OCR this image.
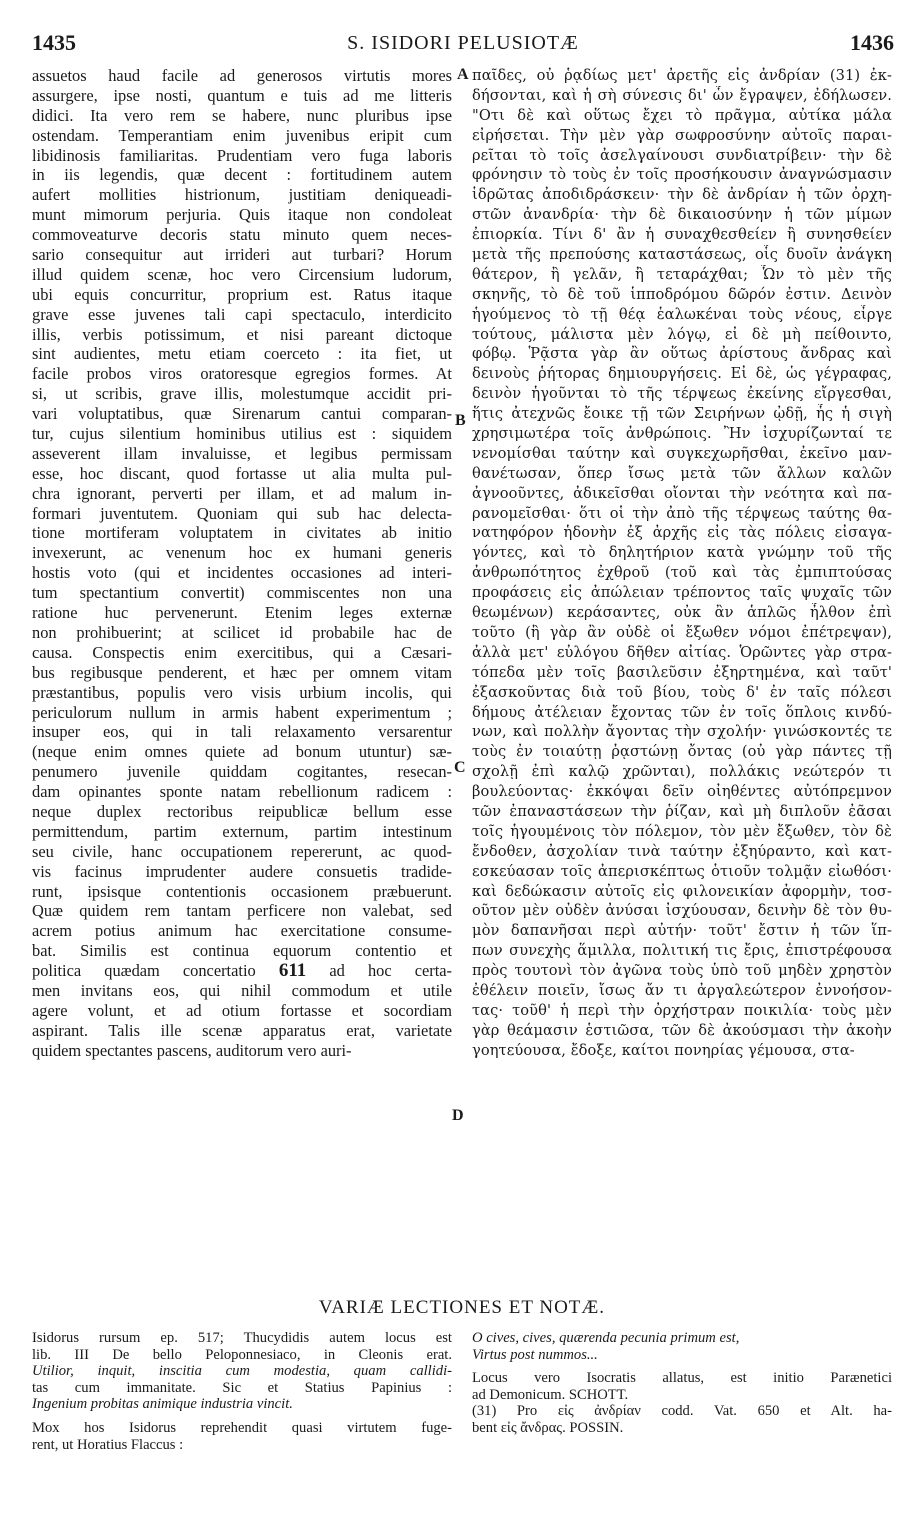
1435	S. ISIDORI PELUSIOTÆ	1436
assuetos haud facile ad generosos virtutis mores
assurgere, ipse nosti, quantum e tuis ad me litteris
didici. Ita vero rem se habere, nunc pluribus ipse
ostendam. Temperantiam enim juvenibus eripit cum
libidinosis familiaritas. Prudentiam vero fuga laboris
in iis legendis, quæ decent : fortitudinem autem
aufert mollities histrionum, justitiam deniqueadi-
munt mimorum perjuria. Quis itaque non condoleat
commoveaturve decoris statu minuto quem neces-
sario consequitur aut irrideri aut turbari? Horum
illud quidem scenæ, hoc vero Circensium ludorum,
ubi equis concurritur, proprium est. Ratus itaque
grave esse juvenes tali capi spectaculo, interdicito
illis, verbis potissimum, et nisi pareant dictoque
sint audientes, metu etiam coerceto : ita fiet, ut
facile probos viros oratoresque egregios formes. At
si, ut scribis, grave illis, molestumque accidit pri-
vari voluptatibus, quæ Sirenarum cantui comparan-
tur, cujus silentium hominibus utilius est : siquidem
asseverent illam invaluisse, et legibus permissam
esse, hoc discant, quod fortasse ut alia multa pul-
chra ignorant, perverti per illam, et ad malum in-
formari juventutem. Quoniam qui sub hac delecta-
tione mortiferam voluptatem in civitates ab initio
invexerunt, ac venenum hoc ex humani generis
hostis voto (qui et incidentes occasiones ad interi-
tum spectantium convertit) commiscentes non una
ratione huc pervenerunt. Etenim leges externæ
non prohibuerint; at scilicet id probabile hac de
causa. Conspectis enim exercitibus, qui a Cæsari-
bus regibusque penderent, et hæc per omnem vitam
præstantibus, populis vero visis urbium incolis, qui
periculorum nullum in armis habent experimentum ;
insuper eos, qui in tali relaxamento versarentur
(neque enim omnes quiete ad bonum utuntur) sæ-
penumero juvenile quiddam cogitantes, resecan-
dam opinantes sponte natam rebellionum radicem :
neque duplex rectoribus reipublicæ bellum esse
permittendum, partim externum, partim intestinum
seu civile, hanc occupationem repererunt, ac quod-
vis facinus imprudenter audere consuetis tradide-
runt, ipsisque contentionis occasionem præbuerunt.
Quæ quidem rem tantam perficere non valebat, sed
acrem potius animum hac exercitatione consume-
bat. Similis est continua equorum contentio et
politica quædam concertatio 611 ad hoc certa-
men invitans eos, qui nihil commodum et utile
agere volunt, et ad otium fortasse et socordiam
aspirant. Talis ille scenæ apparatus erat, varietate
quidem spectantes pascens, auditorum vero auri-
παῖδες, οὐ ῥᾳδίως μετ' ἀρετῆς εἰς ἀνδρίαν (31) ἐκ-
δήσονται, καὶ ἡ σὴ σύνεσις δι' ὧν ἔγραψεν, ἐδήλωσεν.
"Οτι δὲ καὶ οὕτως ἔχει τὸ πρᾶγμα, αὐτίκα μάλα
εἰρήσεται. Τὴν μὲν γὰρ σωφροσύνην αὐτοῖς παραι-
ρεῖται τὸ τοῖς ἀσελγαίνουσι συνδιατρίβειν· τὴν δὲ
φρόνησιν τὸ τοὺς ἐν τοῖς προσήκουσιν ἀναγνώσμασιν
ἱδρῶτας ἀποδιδράσκειν· τὴν δὲ ἀνδρίαν ἡ τῶν ὀρχη-
στῶν ἀνανδρία· τὴν δὲ δικαιοσύνην ἡ τῶν μίμων
ἐπιορκία. Τίνι δ' ἂν ἡ συναχθεσθείεν ἢ συνησθείεν
μετὰ τῆς πρεπούσης καταστάσεως, οἷς δυοῖν ἀνάγκη
θάτερον, ἢ γελᾶν, ἢ τεταράχθαι; Ὧν τὸ μὲν τῆς
σκηνῆς, τὸ δὲ τοῦ ἱπποδρόμου δῶρόν ἐστιν. Δεινὸν
ἡγούμενος τὸ τῇ θέᾳ ἑαλωκέναι τοὺς νέους, εἶργε
τούτους, μάλιστα μὲν λόγῳ, εἰ δὲ μὴ πείθοιντο,
φόβῳ. Ῥᾷστα γὰρ ἂν οὕτως ἀρίστους ἄνδρας καὶ
δεινοὺς ῥήτορας δημιουργήσεις. Εἰ δὲ, ὡς γέγραφας,
δεινὸν ἡγοῦνται τὸ τῆς τέρψεως ἐκείνης εἴργεσθαι,
ἥτις ἀτεχνῶς ἔοικε τῇ τῶν Σειρήνων ᾠδῇ, ἧς ἡ σιγὴ
χρησιμωτέρα τοῖς ἀνθρώποις. Ἢν ἰσχυρίζωνταί τε
νενομίσθαι ταύτην καὶ συγκεχωρῆσθαι, ἐκεῖνο μαν-
θανέτωσαν, ὅπερ ἴσως μετὰ τῶν ἄλλων καλῶν
ἀγνοοῦντες, ἀδικεῖσθαι οἴονται τὴν νεότητα καὶ πα-
ρανομεῖσθαι· ὅτι οἱ τὴν ἀπὸ τῆς τέρψεως ταύτης θα-
νατηφόρον ἡδονὴν ἐξ ἀρχῆς εἰς τὰς πόλεις εἰσαγα-
γόντες, καὶ τὸ δηλητήριον κατὰ γνώμην τοῦ τῆς
ἀνθρωπότητος ἐχθροῦ (τοῦ καὶ τὰς ἐμπιπτούσας
προφάσεις εἰς ἀπώλειαν τρέποντος ταῖς ψυχαῖς τῶν
θεωμένων) κεράσαντες, οὐκ ἂν ἁπλῶς ἦλθον ἐπὶ
τοῦτο (ἢ γὰρ ἂν οὐδὲ οἱ ἔξωθεν νόμοι ἐπέτρεψαν),
ἀλλὰ μετ' εὐλόγου δῆθεν αἰτίας. Ὁρῶντες γὰρ στρα-
τόπεδα μὲν τοῖς βασιλεῦσιν ἐξηρτημένα, καὶ ταῦτ'
ἐξασκοῦντας διὰ τοῦ βίου, τοὺς δ' ἐν ταῖς πόλεσι
δήμους ἀτέλειαν ἔχοντας τῶν ἐν τοῖς ὅπλοις κινδύ-
νων, καὶ πολλὴν ἄγοντας τὴν σχολήν· γινώσκοντές τε
τοὺς ἐν τοιαύτῃ ῥᾳστώνῃ ὄντας (οὐ γὰρ πάντες τῇ
σχολῇ ἐπὶ καλῷ χρῶνται), πολλάκις νεώτερόν τι
βουλεύοντας· ἐκκόψαι δεῖν οἰηθέντες αὐτόπρεμνον
τῶν ἐπαναστάσεων τὴν ῥίζαν, καὶ μὴ διπλοῦν ἐᾶσαι
τοῖς ἡγουμένοις τὸν πόλεμον, τὸν μὲν ἔξωθεν, τὸν δὲ
ἔνδοθεν, ἀσχολίαν τινὰ ταύτην ἐξηύραντο, καὶ κατ-
εσκεύασαν τοῖς ἀπερισκέπτως ὁτιοῦν τολμᾷν εἰωθόσι·
καὶ δεδώκασιν αὐτοῖς εἰς φιλονεικίαν ἀφορμὴν, τοσ-
οῦτον μὲν οὐδὲν ἀνύσαι ἰσχύουσαν, δεινὴν δὲ τὸν θυ-
μὸν δαπανῆσαι περὶ αὐτήν· τοῦτ' ἔστιν ἡ τῶν ἵπ-
πων συνεχὴς ἅμιλλα, πολιτική τις ἔρις, ἐπιστρέφουσα
πρὸς τουτονὶ τὸν ἀγῶνα τοὺς ὑπὸ τοῦ μηδὲν χρηστὸν
ἐθέλειν ποιεῖν, ἴσως ἄν τι ἀργαλεώτερον ἐννοήσον-
τας· τοῦθ' ἡ περὶ τὴν ὀρχήστραν ποικιλία· τοὺς μὲν
γὰρ θεάμασιν ἑστιῶσα, τῶν δὲ ἀκούσμασι τὴν ἀκοὴν
γοητεύουσα, ἔδοξε, καίτοι πονηρίας γέμουσα, στα-
A
B
C
D
VARIÆ LECTIONES ET NOTÆ.
Isidorus rursum ep. 517; Thucydidis autem locus est
lib. III De bello Peloponnesiaco, in Cleonis erat.
Utilior, inquit, inscitia cum modestia, quam callidi-
tas cum immanitate. Sic et Statius Papinius :
Ingenium probitas animique industria vincit.
Mox hos Isidorus reprehendit quasi virtutem fuge-
rent, ut Horatius Flaccus :
O cives, cives, quærenda pecunia primum est,
Virtus post nummos...
Locus vero Isocratis allatus, est initio Parænetici
ad Demonicum. SCHOTT.
(31) Pro εἰς ἀνδρίαν codd. Vat. 650 et Alt. ha-
bent εἰς ἄνδρας. POSSIN.
